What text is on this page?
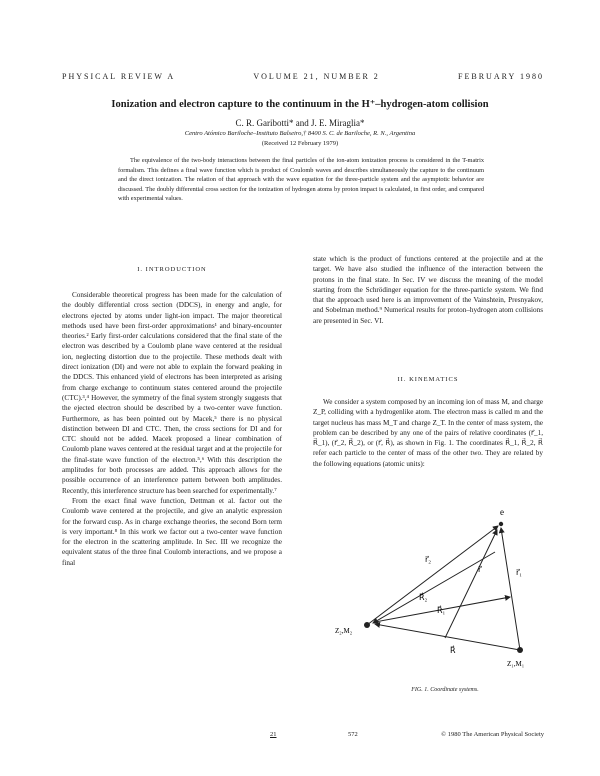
PHYSICAL REVIEW A	VOLUME 21, NUMBER 2	FEBRUARY 1980
Ionization and electron capture to the continuum in the H⁺–hydrogen-atom collision
C. R. Garibotti* and J. E. Miraglia*
Centro Atómico Bariloche–Instituto Balseiro,† 8400 S. C. de Bariloche, R. N., Argentina
(Received 12 February 1979)
The equivalence of the two-body interactions between the final particles of the ion-atom ionization process is considered in the T-matrix formalism. This defines a final wave function which is product of Coulomb waves and describes simultaneously the capture to the continuum and the direct ionization. The relation of that approach with the wave equation for the three-particle system and the asymptotic behavior are discussed. The doubly differential cross section for the ionization of hydrogen atoms by proton impact is calculated, in first order, and compared with experimental values.
I. INTRODUCTION

Considerable theoretical progress has been made for the calculation of the doubly differential cross section (DDCS), in energy and angle, for electrons ejected by atoms under light-ion impact. The major theoretical methods used have been first-order approximations¹ and binary-encounter theories.² Early first-order calculations considered that the final state of the electron was described by a Coulomb plane wave centered at the residual ion, neglecting distortion due to the projectile. These methods dealt with direct ionization (DI) and were not able to explain the forward peaking in the DDCS. This enhanced yield of electrons has been interpreted as arising from charge exchange to continuum states centered around the projectile (CTC).³,⁴ However, the symmetry of the final system strongly suggests that the ejected electron should be described by a two-center wave function. Furthermore, as has been pointed out by Macek,⁵ there is no physical distinction between DI and CTC. Then, the cross sections for DI and for CTC should not be added. Macek proposed a linear combination of Coulomb plane waves centered at the residual target and at the projectile for the final-state wave function of the electron.⁵,⁶ With this description the amplitudes for both processes are added. This approach allows for the possible occurrence of an interference pattern between both amplitudes. Recently, this interference structure has been searched for experimentally.⁷

From the exact final wave function, Dettman et al. factor out the Coulomb wave centered at the projectile, and give an analytic expression for the forward cusp. As in charge exchange theories, the second Born term is very important.⁸ In this work we factor out a two-center wave function for the electron in the scattering amplitude. In Sec. III we recognize the equivalent status of the three final Coulomb interactions, and we propose a final

state which is the product of functions centered at the projectile and at the target. We have also studied the influence of the interaction between the protons in the final state. In Sec. IV we discuss the meaning of the model starting from the Schrödinger equation for the three-particle system. We find that the approach used here is an improvement of the Vainshtein, Presnyakov, and Sobelman method.⁹ Numerical results for proton–hydrogen atom collisions are presented in Sec. VI.

II. KINEMATICS

We consider a system composed by an incoming ion of mass M, and charge Z_P, colliding with a hydrogenlike atom. The electron mass is called m and the target nucleus has mass M_T and charge Z_T. In the center of mass system, the problem can be described by any one of the pairs of relative coordinates (r⃗_1, R⃗_1), (r⃗_2, R⃗_2), or (r⃗, R⃗), as shown in Fig. 1. The coordinates R⃗_1, R⃗_2, R⃗ refer each particle to the center of mass of the other two. They are related by the following equations (atomic units):

e
r⃗₂
r⃗	r⃗₁
R⃗₂
R⃗₁
R⃗
Z₂,M₂
Z₁,M₁
FIG. 1. Coordinate systems.
21	572	© 1980 The American Physical Society
